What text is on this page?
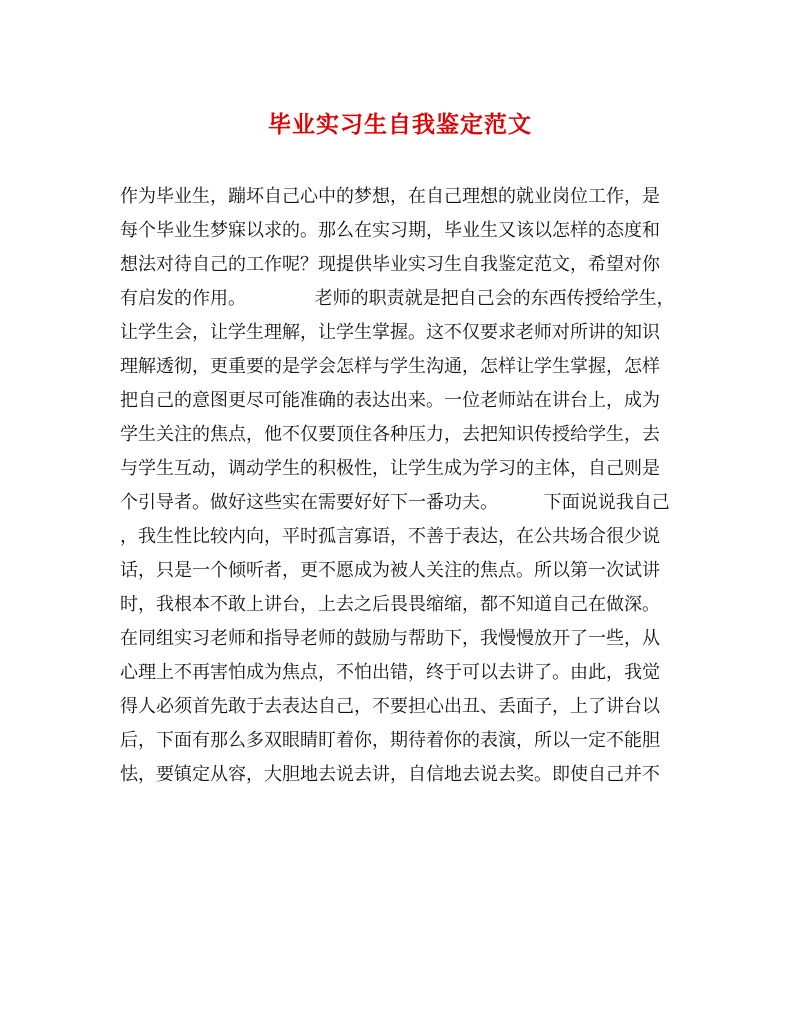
毕业实习生自我鉴定范文
作为毕业生，蹦坏自己心中的梦想，在自己理想的就业岗位工作，是
每个毕业生梦寐以求的。那么在实习期，毕业生又该以怎样的态度和
想法对待自己的工作呢？现提供毕业实习生自我鉴定范文，希望对你
有启发的作用。            老师的职责就是把自己会的东西传授给学生，
让学生会，让学生理解，让学生掌握。这不仅要求老师对所讲的知识
理解透彻，更重要的是学会怎样与学生沟通，怎样让学生掌握，怎样
把自己的意图更尽可能准确的表达出来。一位老师站在讲台上，成为
学生关注的焦点，他不仅要顶住各种压力，去把知识传授给学生，去
与学生互动，调动学生的积极性，让学生成为学习的主体，自己则是
个引导者。做好这些实在需要好好下一番功夫。        下面说说我自己
，我生性比较内向，平时孤言寡语，不善于表达，在公共场合很少说
话，只是一个倾听者，更不愿成为被人关注的焦点。所以第一次试讲
时，我根本不敢上讲台，上去之后畏畏缩缩，都不知道自己在做深。
在同组实习老师和指导老师的鼓励与帮助下，我慢慢放开了一些，从
心理上不再害怕成为焦点，不怕出错，终于可以去讲了。由此，我觉
得人必须首先敢于去表达自己，不要担心出丑、丢面子，上了讲台以
后，下面有那么多双眼睛盯着你，期待着你的表演，所以一定不能胆
怯，要镇定从容，大胆地去说去讲，自信地去说去奖。即使自己并不
